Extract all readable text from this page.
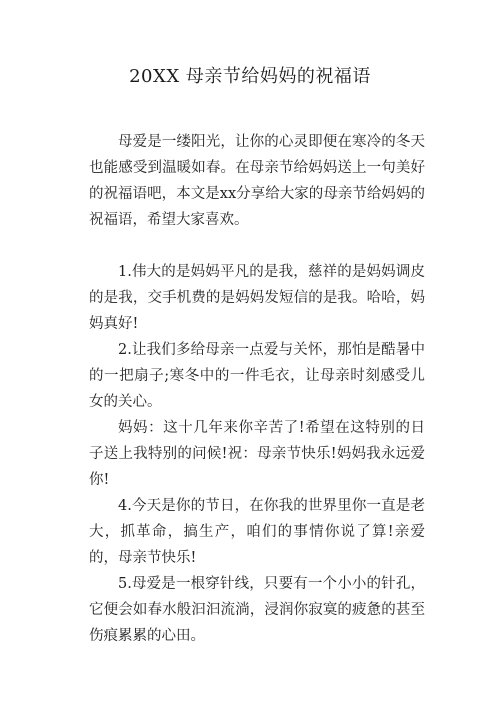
20XX 母亲节给妈妈的祝福语

母爱是一缕阳光，让你的心灵即便在寒冷的冬天也能感受到温暖如春。在母亲节给妈妈送上一句美好的祝福语吧，本文是xx分享给大家的母亲节给妈妈的祝福语，希望大家喜欢。

1.伟大的是妈妈平凡的是我，慈祥的是妈妈调皮的是我，交手机费的是妈妈发短信的是我。哈哈，妈妈真好!

2.让我们多给母亲一点爱与关怀，那怕是酷暑中的一把扇子;寒冬中的一件毛衣，让母亲时刻感受儿女的关心。

妈妈：这十几年来你辛苦了!希望在这特别的日子送上我特别的问候!祝：母亲节快乐!妈妈我永远爱你!

4.今天是你的节日，在你我的世界里你一直是老大，抓革命，搞生产，咱们的事情你说了算!亲爱的，母亲节快乐!

5.母爱是一根穿针线，只要有一个小小的针孔，它便会如春水般汩汩流淌，浸润你寂寞的疲惫的甚至伤痕累累的心田。
